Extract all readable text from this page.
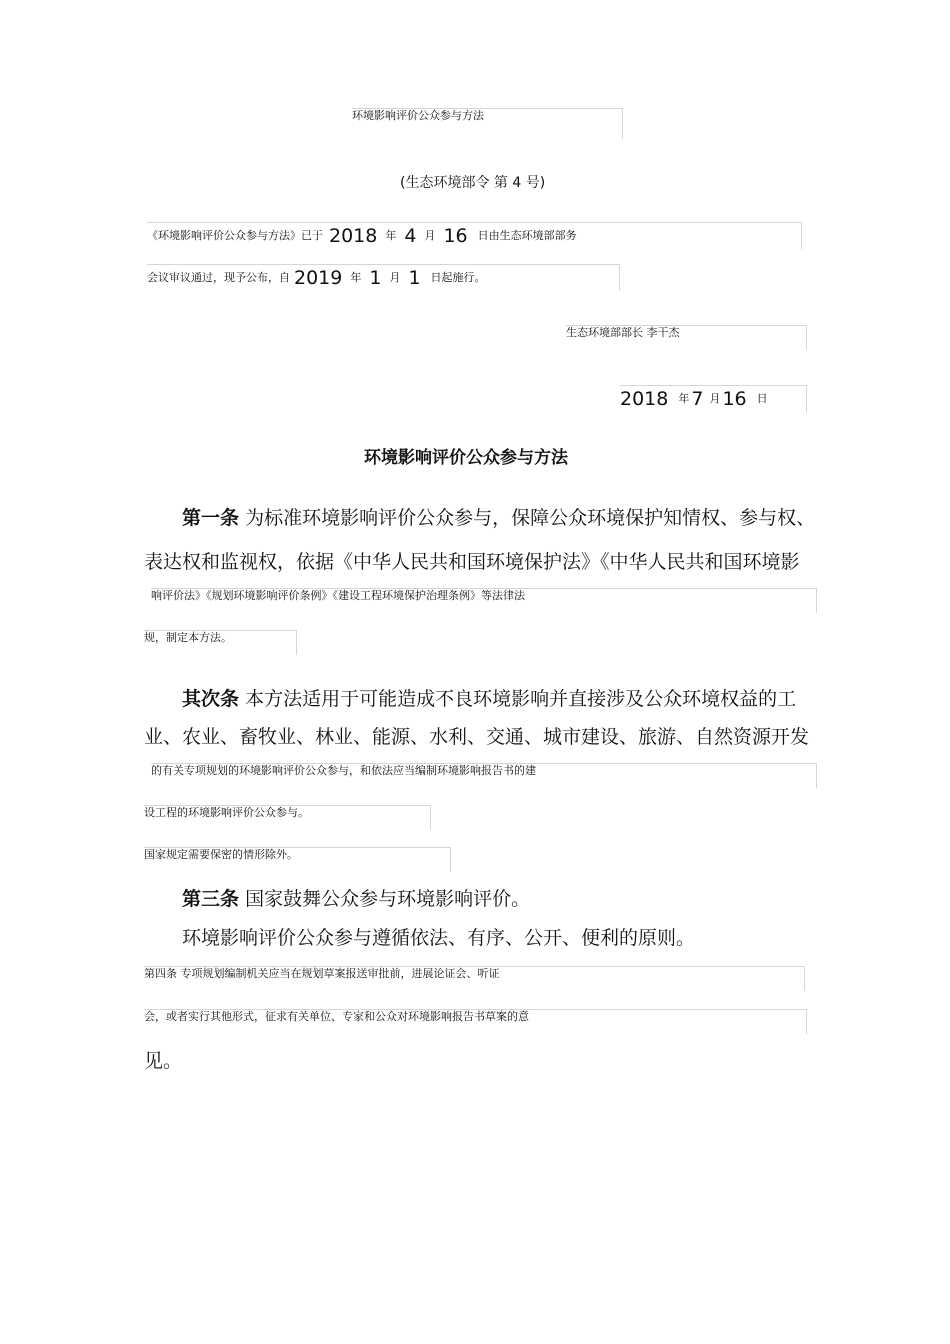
环境影响评价公众参与方法
(生态环境部令 第 4 号)
《环境影响评价公众参与方法》已于 2018 年 4 月 16 日由生态环境部部务
会议审议通过，现予公布，自 2019 年 1 月 1 日起施行。
生态环境部部长 李干杰
2018 年 7 月 16 日
环境影响评价公众参与方法
第一条 为标准环境影响评价公众参与，保障公众环境保护知情权、参与权、
表达权和监视权，依据《中华人民共和国环境保护法》《中华人民共和国环境影
响评价法》《规划环境影响评价条例》《建设工程环境保护治理条例》等法律法
规，制定本方法。
其次条 本方法适用于可能造成不良环境影响并直接涉及公众环境权益的工
业、农业、畜牧业、林业、能源、水利、交通、城市建设、旅游、自然资源开发
的有关专项规划的环境影响评价公众参与，和依法应当编制环境影响报告书的建
设工程的环境影响评价公众参与。
国家规定需要保密的情形除外。
第三条 国家鼓舞公众参与环境影响评价。
环境影响评价公众参与遵循依法、有序、公开、便利的原则。
第四条 专项规划编制机关应当在规划草案报送审批前，进展论证会、听证
会，或者实行其他形式，征求有关单位、专家和公众对环境影响报告书草案的意
见。
